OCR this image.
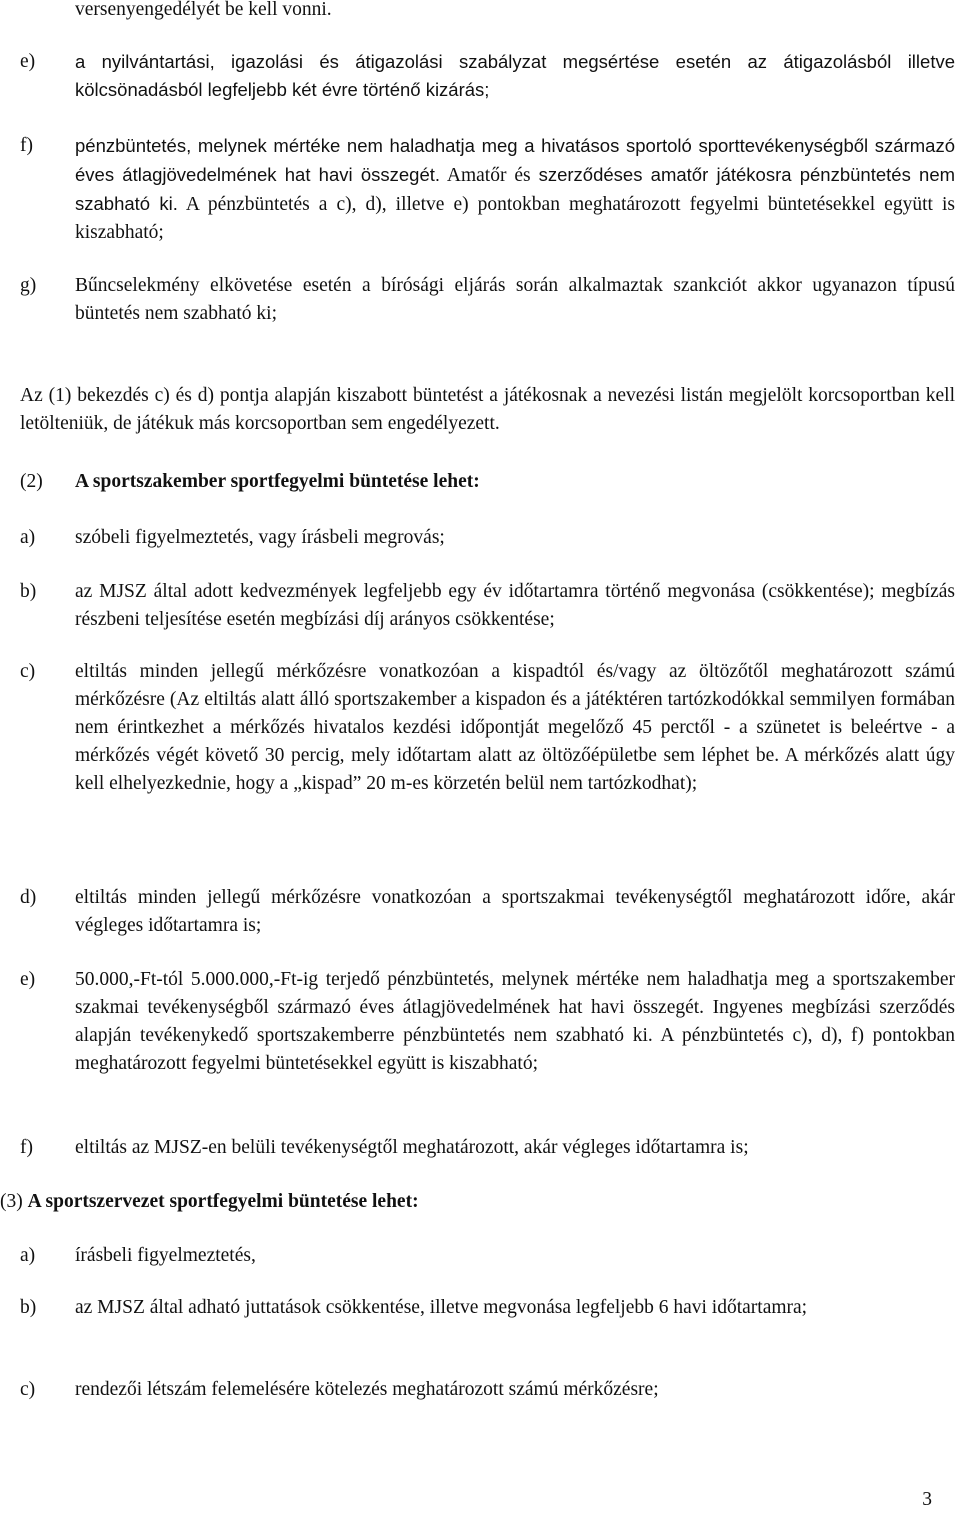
versenyengedélyét be kell vonni.
e) a nyilvántartási, igazolási és átigazolási szabályzat megsértése esetén az átigazolásból illetve kölcsönadásból legfeljebb két évre történő kizárás;
f) pénzbüntetés, melynek mértéke nem haladhatja meg a hivatásos sportoló sporttevékenységből származó éves átlagjövedelmének hat havi összegét. Amatőr és szerződéses amatőr játékosra pénzbüntetés nem szabható ki. A pénzbüntetés a c), d), illetve e) pontokban meghatározott fegyelmi büntetésekkel együtt is kiszabható;
g) Bűncselekmény elkövetése esetén a bírósági eljárás során alkalmaztak szankciót akkor ugyanazon típusú büntetés nem szabható ki;
Az (1) bekezdés c) és d) pontja alapján kiszabott büntetést a játékosnak a nevezési listán megjelölt korcsoportban kell letölteniük, de játékuk más korcsoportban sem engedélyezett.
(2) A sportszakember sportfegyelmi büntetése lehet:
a) szóbeli figyelmeztetés, vagy írásbeli megrovás;
b) az MJSZ által adott kedvezmények legfeljebb egy év időtartamra történő megvonása (csökkentése); megbízás részbeni teljesítése esetén megbízási díj arányos csökkentése;
c) eltiltás minden jellegű mérkőzésre vonatkozóan a kispadtól és/vagy az öltözőtől meghatározott számú mérkőzésre (Az eltiltás alatt álló sportszakember a kispadon és a játéktéren tartózkodókkal semmilyen formában nem érintkezhet a mérkőzés hivatalos kezdési időpontját megelőző 45 perctől - a szünetet is beleértve - a mérkőzés végét követő 30 percig, mely időtartam alatt az öltözőépületbe sem léphet be. A mérkőzés alatt úgy kell elhelyezkednie, hogy a „kispad” 20 m-es körzetén belül nem tartózkodhat);
d) eltiltás minden jellegű mérkőzésre vonatkozóan a sportszakmai tevékenységtől meghatározott időre, akár végleges időtartamra is;
e) 50.000,-Ft-tól 5.000.000,-Ft-ig terjedő pénzbüntetés, melynek mértéke nem haladhatja meg a sportszakember szakmai tevékenységből származó éves átlagjövedelmének hat havi összegét. Ingyenes megbízási szerződés alapján tevékenykedő sportszakemberre pénzbüntetés nem szabható ki. A pénzbüntetés c), d), f) pontokban meghatározott fegyelmi büntetésekkel együtt is kiszabható;
f) eltiltás az MJSZ-en belüli tevékenységtől meghatározott, akár végleges időtartamra is;
(3) A sportszervezet sportfegyelmi büntetése lehet:
a) írásbeli figyelmeztetés,
b) az MJSZ által adható juttatások csökkentése, illetve megvonása legfeljebb 6 havi időtartamra;
c) rendezői létszám felemelésére kötelezés meghatározott számú mérkőzésre;
3
